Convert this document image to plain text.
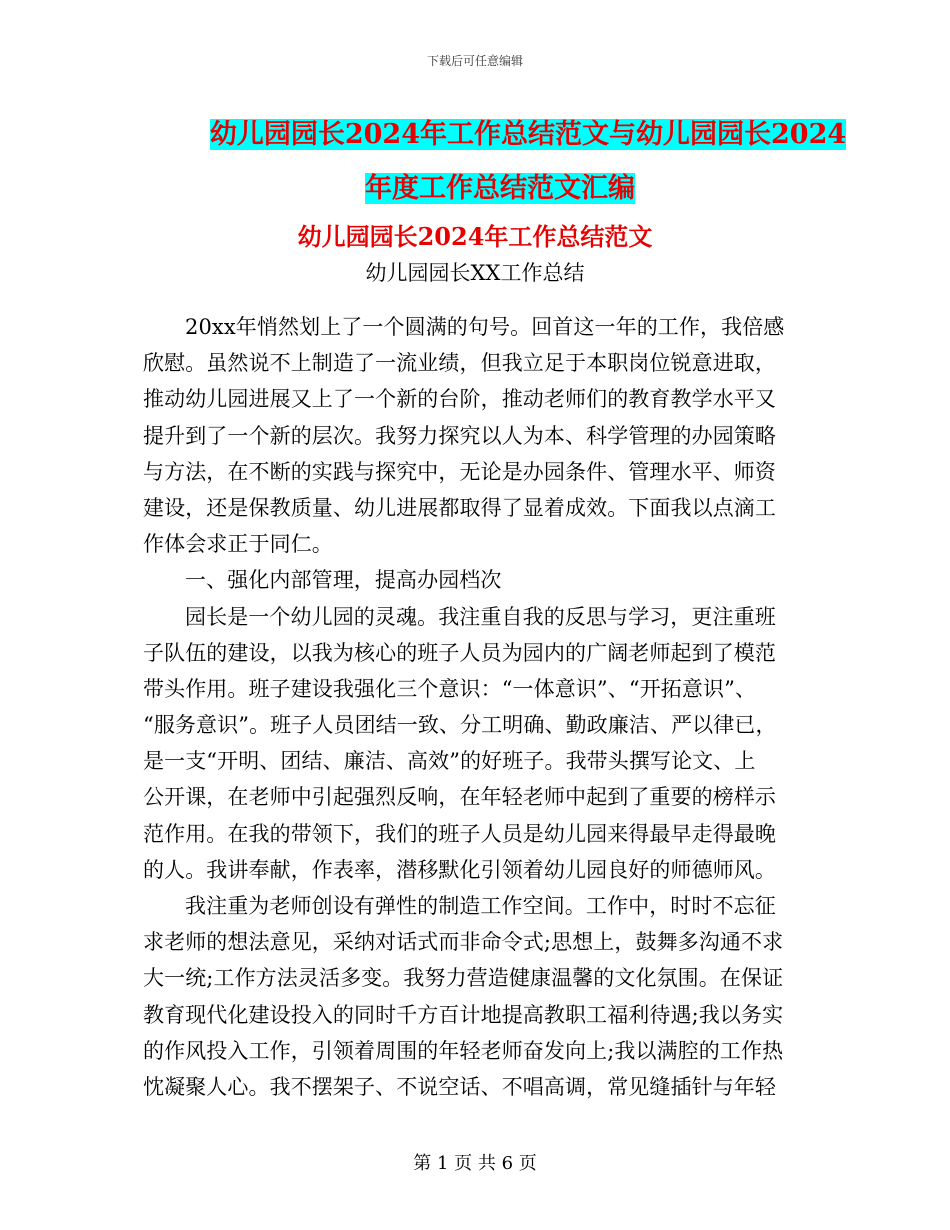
下载后可任意编辑
幼儿园园长2024年工作总结范文与幼儿园园长2024
年度工作总结范文汇编
幼儿园园长2024年工作总结范文
幼儿园园长XX工作总结
20xx年悄然划上了一个圆满的句号。回首这一年的工作，我倍感
欣慰。虽然说不上制造了一流业绩，但我立足于本职岗位锐意进取，
推动幼儿园进展又上了一个新的台阶，推动老师们的教育教学水平又
提升到了一个新的层次。我努力探究以人为本、科学管理的办园策略
与方法，在不断的实践与探究中，无论是办园条件、管理水平、师资
建设，还是保教质量、幼儿进展都取得了显着成效。下面我以点滴工
作体会求正于同仁。
一、强化内部管理，提高办园档次
园长是一个幼儿园的灵魂。我注重自我的反思与学习，更注重班
子队伍的建设，以我为核心的班子人员为园内的广阔老师起到了模范
带头作用。班子建设我强化三个意识：“一体意识”、“开拓意识”、
“服务意识”。班子人员团结一致、分工明确、勤政廉洁、严以律已，
是一支“开明、团结、廉洁、高效”的好班子。我带头撰写论文、上
公开课，在老师中引起强烈反响，在年轻老师中起到了重要的榜样示
范作用。在我的带领下，我们的班子人员是幼儿园来得最早走得最晚
的人。我讲奉献，作表率，潜移默化引领着幼儿园良好的师德师风。
我注重为老师创设有弹性的制造工作空间。工作中，时时不忘征
求老师的想法意见，采纳对话式而非命令式;思想上，鼓舞多沟通不求
大一统;工作方法灵活多变。我努力营造健康温馨的文化氛围。在保证
教育现代化建设投入的同时千方百计地提高教职工福利待遇;我以务实
的作风投入工作，引领着周围的年轻老师奋发向上;我以满腔的工作热
忱凝聚人心。我不摆架子、不说空话、不唱高调，常见缝插针与年轻
第 1 页 共 6 页
